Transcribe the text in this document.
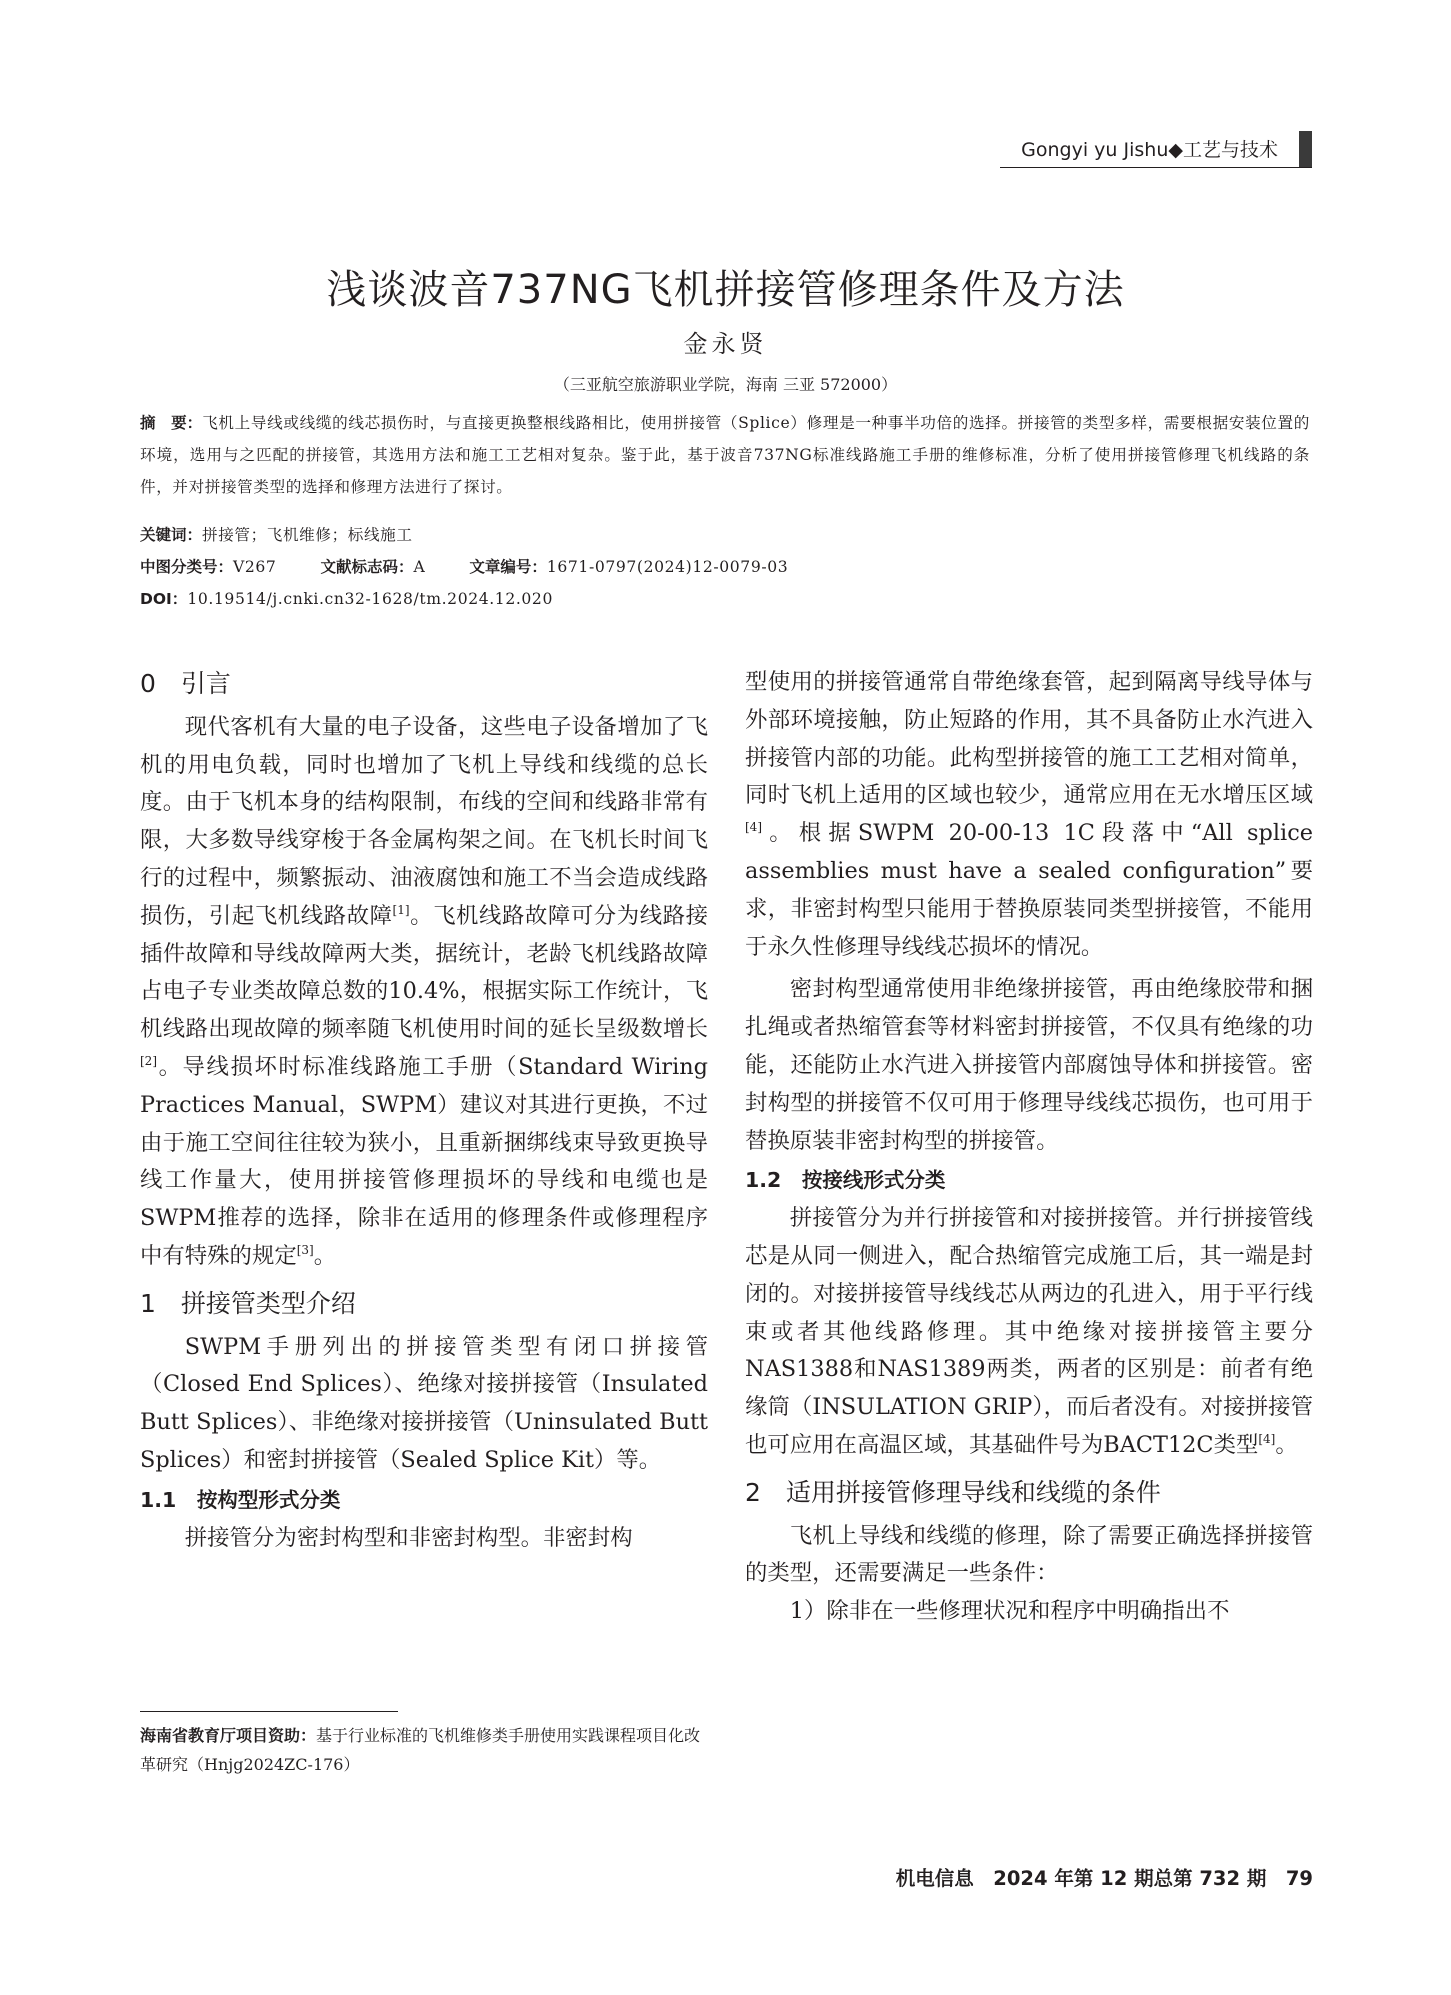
Gongyi yu Jishu◆工艺与技术
浅谈波音737NG飞机拼接管修理条件及方法
金永贤
（三亚航空旅游职业学院，海南 三亚 572000）
摘　要：飞机上导线或线缆的线芯损伤时，与直接更换整根线路相比，使用拼接管（Splice）修理是一种事半功倍的选择。拼接管的类型多样，需要根据安装位置的环境，选用与之匹配的拼接管，其选用方法和施工工艺相对复杂。鉴于此，基于波音737NG标准线路施工手册的维修标准，分析了使用拼接管修理飞机线路的条件，并对拼接管类型的选择和修理方法进行了探讨。
关键词：拼接管；飞机维修；标线施工
中图分类号：V267	文献标志码：A	文章编号：1671-0797(2024)12-0079-03
DOI：10.19514/j.cnki.cn32-1628/tm.2024.12.020
0　引言

现代客机有大量的电子设备，这些电子设备增加了飞机的用电负载，同时也增加了飞机上导线和线缆的总长度。由于飞机本身的结构限制，布线的空间和线路非常有限，大多数导线穿梭于各金属构架之间。在飞机长时间飞行的过程中，频繁振动、油液腐蚀和施工不当会造成线路损伤，引起飞机线路故障[1]。飞机线路故障可分为线路接插件故障和导线故障两大类，据统计，老龄飞机线路故障占电子专业类故障总数的10.4%，根据实际工作统计，飞机线路出现故障的频率随飞机使用时间的延长呈级数增长[2]。导线损坏时标准线路施工手册（Standard Wiring Practices Manual，SWPM）建议对其进行更换，不过由于施工空间往往较为狭小，且重新捆绑线束导致更换导线工作量大，使用拼接管修理损坏的导线和电缆也是SWPM推荐的选择，除非在适用的修理条件或修理程序中有特殊的规定[3]。

1　拼接管类型介绍

SWPM手册列出的拼接管类型有闭口拼接管（Closed End Splices）、绝缘对接拼接管（Insulated Butt Splices）、非绝缘对接拼接管（Uninsulated Butt Splices）和密封拼接管（Sealed Splice Kit）等。

1.1　按构型形式分类

拼接管分为密封构型和非密封构型。非密封构

型使用的拼接管通常自带绝缘套管，起到隔离导线导体与外部环境接触，防止短路的作用，其不具备防止水汽进入拼接管内部的功能。此构型拼接管的施工工艺相对简单，同时飞机上适用的区域也较少，通常应用在无水增压区域[4]。根据SWPM 20-00-13 1C段落中“All splice assemblies must have a sealed configuration”要求，非密封构型只能用于替换原装同类型拼接管，不能用于永久性修理导线线芯损坏的情况。

密封构型通常使用非绝缘拼接管，再由绝缘胶带和捆扎绳或者热缩管套等材料密封拼接管，不仅具有绝缘的功能，还能防止水汽进入拼接管内部腐蚀导体和拼接管。密封构型的拼接管不仅可用于修理导线线芯损伤，也可用于替换原装非密封构型的拼接管。

1.2　按接线形式分类

拼接管分为并行拼接管和对接拼接管。并行拼接管线芯是从同一侧进入，配合热缩管完成施工后，其一端是封闭的。对接拼接管导线线芯从两边的孔进入，用于平行线束或者其他线路修理。其中绝缘对接拼接管主要分NAS1388和NAS1389两类，两者的区别是：前者有绝缘筒（INSULATION GRIP），而后者没有。对接拼接管也可应用在高温区域，其基础件号为BACT12C类型[4]。

2　适用拼接管修理导线和线缆的条件

飞机上导线和线缆的修理，除了需要正确选择拼接管的类型，还需要满足一些条件：

1）除非在一些修理状况和程序中明确指出不

海南省教育厅项目资助：基于行业标准的飞机维修类手册使用实践课程项目化改革研究（Hnjg2024ZC-176）
机电信息　2024 年第 12 期总第 732 期　79
